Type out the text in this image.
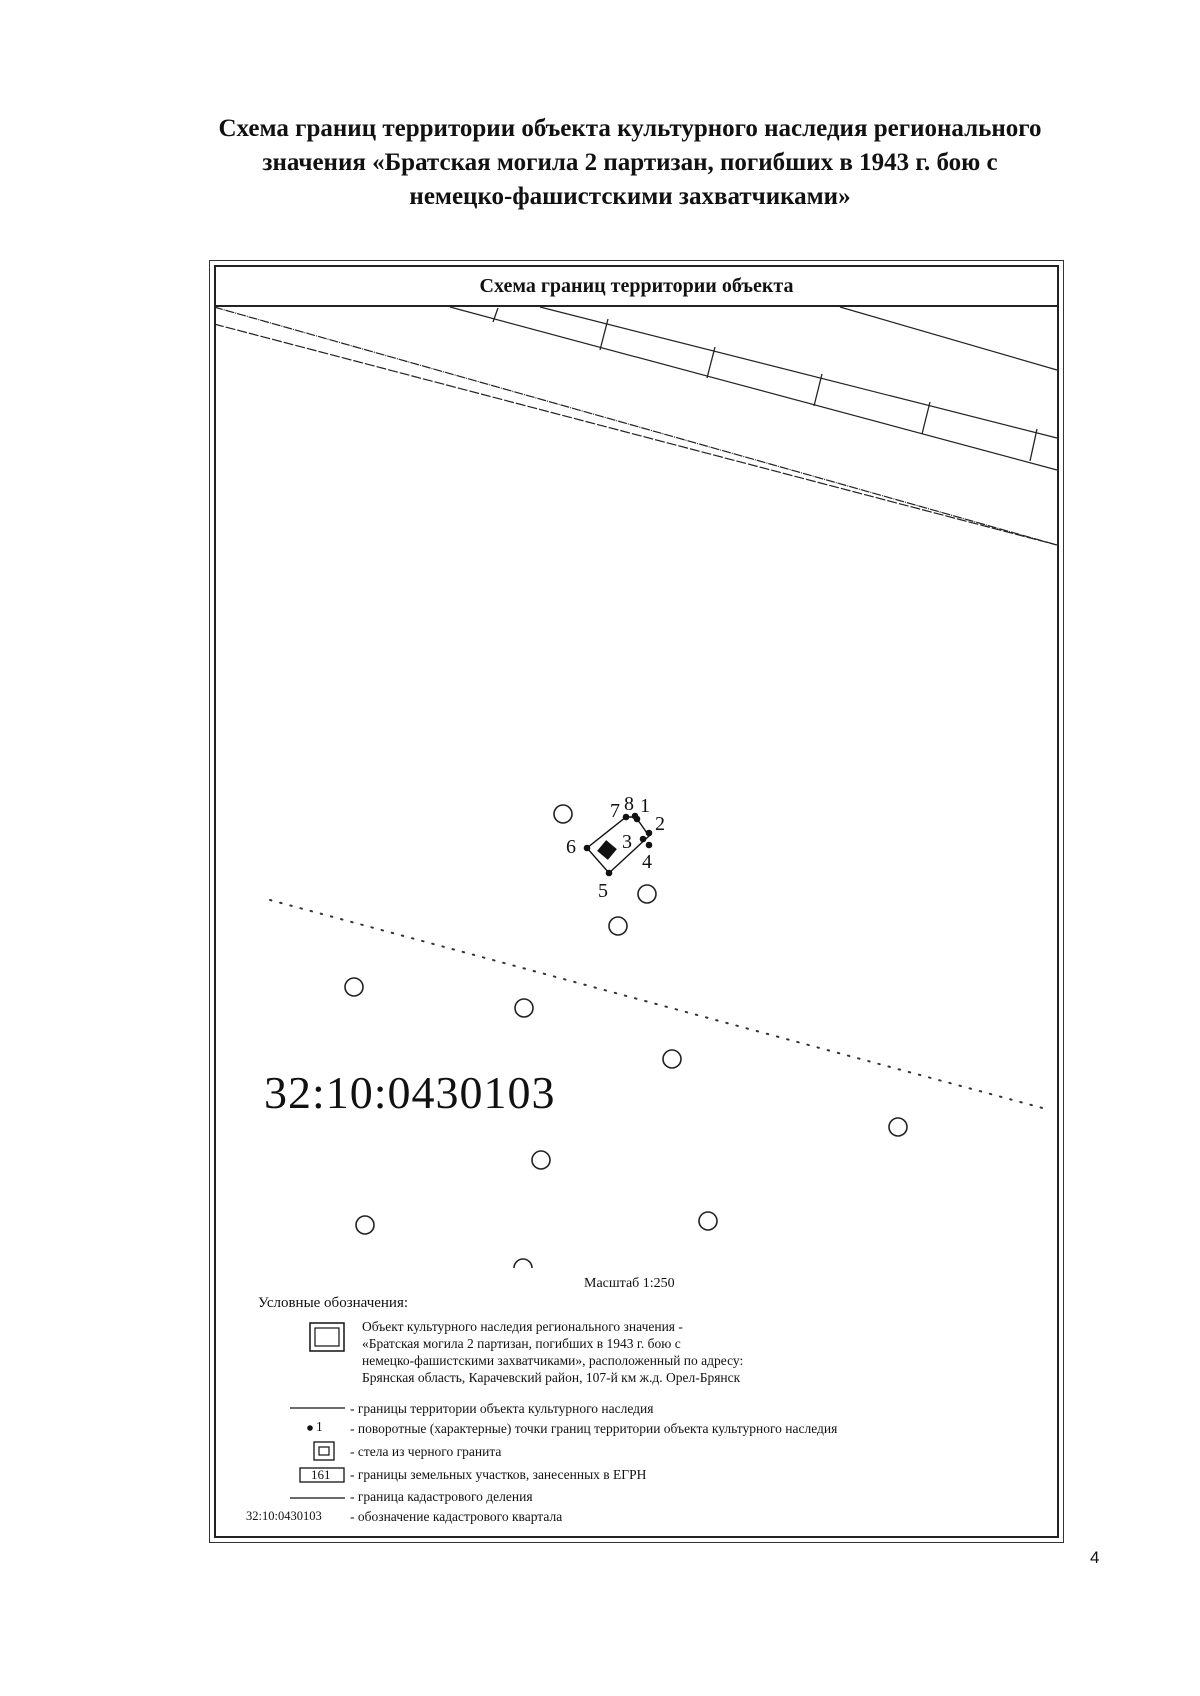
Схема границ территории объекта культурного наследия регионального
значения «Братская могила 2 партизан, погибших в 1943 г. бою с
немецко-фашистскими захватчиками»
Схема границ территории объекта
1
2
3
4
5
6
7 8
32:10:0430103
Масштаб 1:250
Условные обозначения:
Объект культурного наследия регионального значения -
«Братская могила 2 партизан, погибших в 1943 г. бою с
немецко-фашистскими захватчиками», расположенный по адресу:
Брянская область, Карачевский район, 107-й км ж.д. Орел-Брянск
- границы территории объекта культурного наследия
1 - поворотные (характерные) точки границ территории объекта культурного наследия
- стела из черного гранита
161 - границы земельных участков, занесенных в ЕГРН
- граница кадастрового деления
32:10:0430103 - обозначение кадастрового квартала
4
